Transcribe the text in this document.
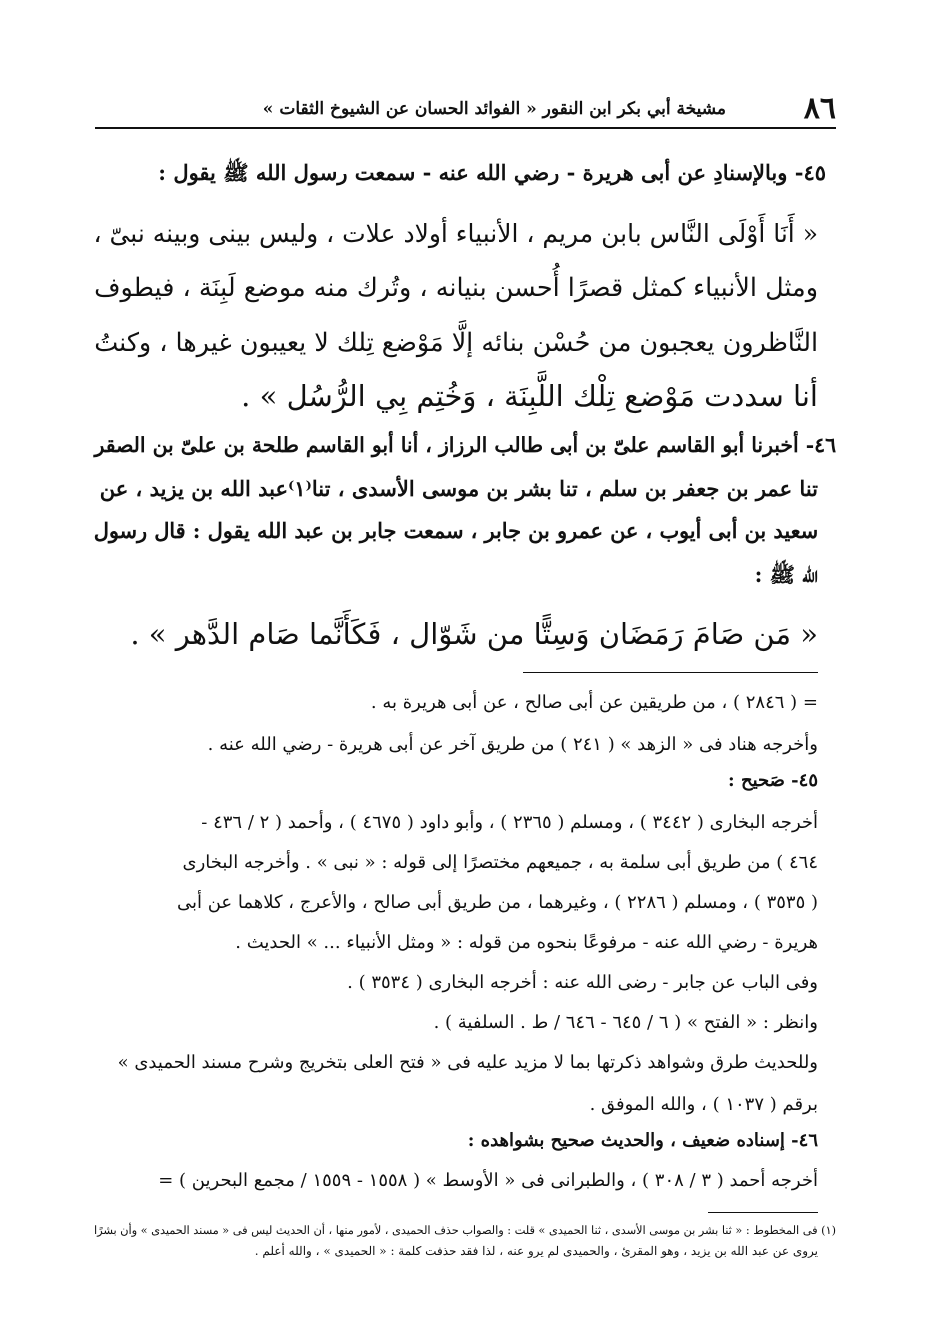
٨٦
مشيخة أبي بكر ابن النقور « الفوائد الحسان عن الشيوخ الثقات »
٤٥- وبالإسنادِ عن أبى هريرة - رضي الله عنه - سمعت رسول الله ﷺ يقول :
« أَنَا أَوْلَى النَّاس بابن مريم ، الأنبياء أولاد علات ، وليس بينى وبينه نبىّ ،
ومثل الأنبياء كمثل قصرًا أُحسن بنيانه ، وتُرك منه موضع لَبِنَة ، فيطوف
النَّاظرون يعجبون من حُسْن بنائه إلَّا مَوْضع تِلك لا يعيبون غيرها ، وكنتُ
أنا سددت مَوْضع تِلْك اللَّبِنَة ، وَخُتِم بِي الرُّسُل » .
٤٦- أخبرنا أبو القاسم علىّ بن أبى طالب الرزاز ، أنا أبو القاسم طلحة بن علىّ بن الصقر
تنا عمر بن جعفر بن سلم ، تنا بشر بن موسى الأسدى ، تنا⁽١⁾عبد الله بن يزيد ، عن
سعيد بن أبى أيوب ، عن عمرو بن جابر ، سمعت جابر بن عبد الله يقول : قال رسول
الله ﷺ :
« مَن صَامَ رَمَضَان وَسِتًّا من شَوّال ، فَكَأَنَّما صَام الدَّهر » .
= ( ٢٨٤٦ ) ، من طريقين عن أبى صالح ، عن أبى هريرة به .
وأخرجه هناد فى « الزهد » ( ٢٤١ ) من طريق آخر عن أبى هريرة - رضي الله عنه .
٤٥- صَحيح :
أخرجه البخارى ( ٣٤٤٢ ) ، ومسلم ( ٢٣٦٥ ) ، وأبو داود ( ٤٦٧٥ ) ، وأحمد ( ٢ / ٤٣٦ -
٤٦٤ ) من طريق أبى سلمة به ، جميعهم مختصرًا إلى قوله : « نبى » . وأخرجه البخارى
( ٣٥٣٥ ) ، ومسلم ( ٢٢٨٦ ) ، وغيرهما ، من طريق أبى صالح ، والأعرج ، كلاهما عن أبى
هريرة - رضي الله عنه - مرفوعًا بنحوه من قوله : « ومثل الأنبياء ... » الحديث .
وفى الباب عن جابر - رضى الله عنه : أخرجه البخارى ( ٣٥٣٤ ) .
وانظر : « الفتح » ( ٦ / ٦٤٥ - ٦٤٦ / ط . السلفية ) .
وللحديث طرق وشواهد ذكرتها بما لا مزيد عليه فى « فتح العلى بتخريج وشرح مسند الحميدى »
برقم ( ١٠٣٧ ) ، والله الموفق .
٤٦- إسناده ضعيف ، والحديث صحيح بشواهده :
أخرجه أحمد ( ٣ / ٣٠٨ ) ، والطبرانى فى « الأوسط » ( ١٥٥٨ - ١٥٥٩ / مجمع البحرين ) =
(١) فى المخطوط : « ثنا بشر بن موسى الأسدى ، ثنا الحميدى » قلت : والصواب حذف الحميدى ، لأمور منها ، أن الحديث ليس فى « مسند الحميدى » وأن بشرًا
يروى عن عبد الله بن يزيد ، وهو المقرئ ، والحميدى لم يرو عنه ، لذا فقد حذفت كلمة : « الحميدى » ، والله أعلم .
